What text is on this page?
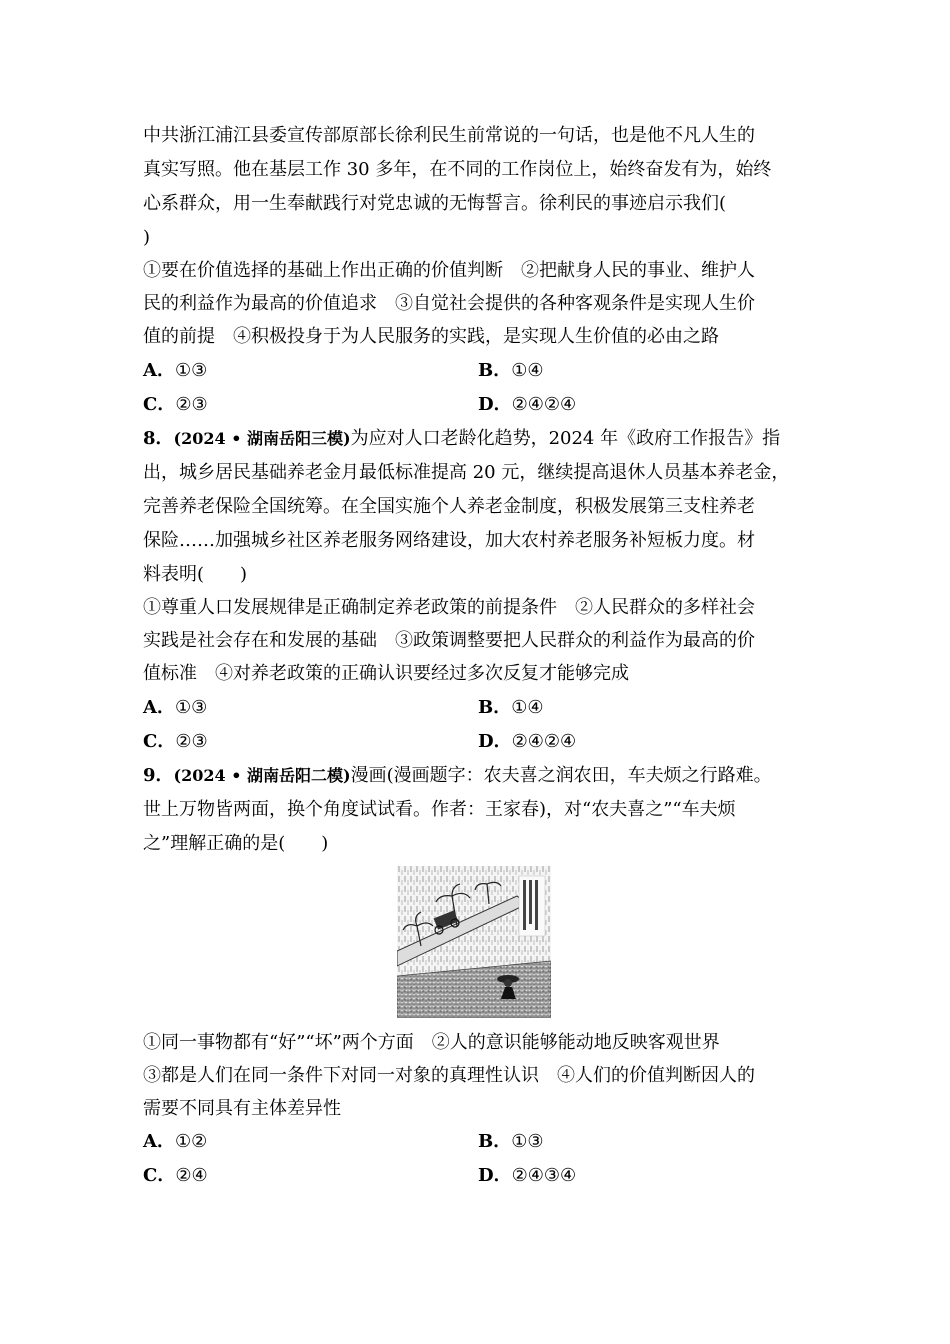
中共浙江浦江县委宣传部原部长徐利民生前常说的一句话，也是他不凡人生的
真实写照。他在基层工作 30 多年，在不同的工作岗位上，始终奋发有为，始终
心系群众，用一生奉献践行对党忠诚的无悔誓言。徐利民的事迹启示我们(
)
①要在价值选择的基础上作出正确的价值判断　②把献身人民的事业、维护人
民的利益作为最高的价值追求　③自觉社会提供的各种客观条件是实现人生价
值的前提　④积极投身于为人民服务的实践，是实现人生价值的必由之路
A．①③	B．①④
C．②③	D．②④②④
8．(2024 • 湖南岳阳三模)为应对人口老龄化趋势，2024 年《政府工作报告》指
出，城乡居民基础养老金月最低标准提高 20 元，继续提高退休人员基本养老金，
完善养老保险全国统筹。在全国实施个人养老金制度，积极发展第三支柱养老
保险……加强城乡社区养老服务网络建设，加大农村养老服务补短板力度。材
料表明(　　)
①尊重人口发展规律是正确制定养老政策的前提条件　②人民群众的多样社会
实践是社会存在和发展的基础　③政策调整要把人民群众的利益作为最高的价
值标准　④对养老政策的正确认识要经过多次反复才能够完成
A．①③	B．①④
C．②③	D．②④②④
9．(2024 • 湖南岳阳二模)漫画(漫画题字：农夫喜之润农田，车夫烦之行路难。
世上万物皆两面，换个角度试试看。作者：王家春)，对“农夫喜之”“车夫烦
之”理解正确的是(　　)
①同一事物都有“好”“坏”两个方面　②人的意识能够能动地反映客观世界
③都是人们在同一条件下对同一对象的真理性认识　④人们的价值判断因人的
需要不同具有主体差异性
A．①②	B．①③
C．②④	D．②④③④
